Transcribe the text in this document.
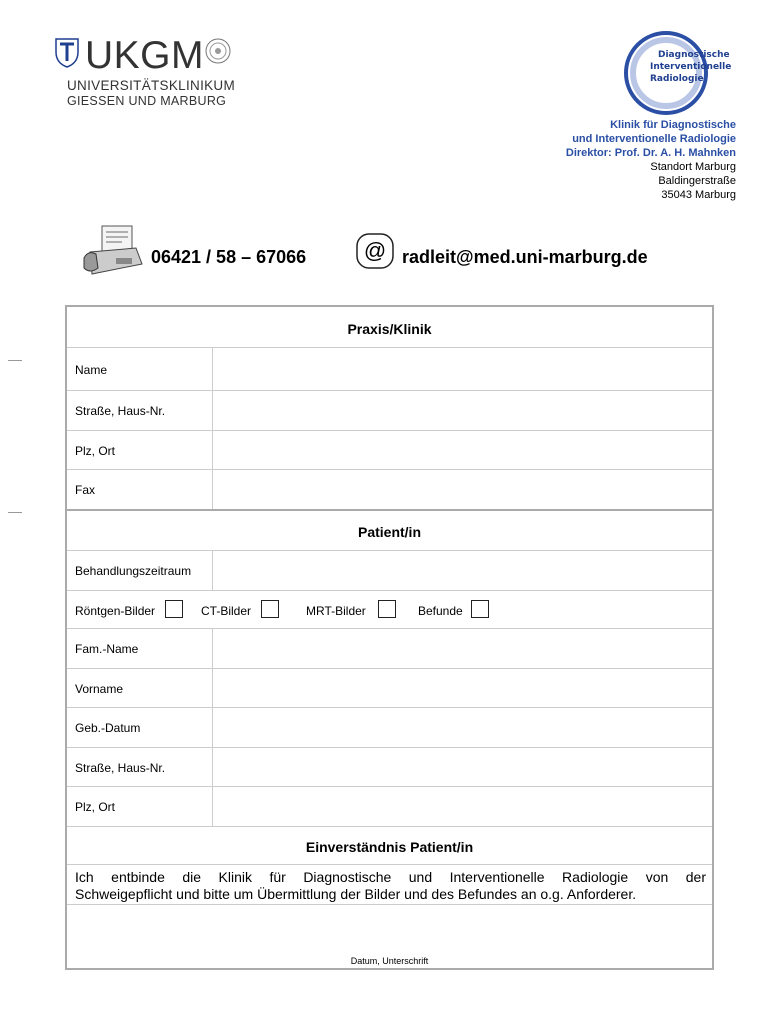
UKGM
UNIVERSITÄTSKLINIKUM
GIESSEN UND MARBURG
Diagnostische
Interventionelle
Radiologie
Klinik für Diagnostische
und Interventionelle Radiologie
Direktor: Prof. Dr. A. H. Mahnken
Standort Marburg
Baldingerstraße
35043 Marburg
06421 / 58 – 67066	@ radleit@med.uni-marburg.de
Praxis/Klinik
Name
Straße, Haus-Nr.
Plz, Ort
Fax
Patient/in
Behandlungszeitraum
Röntgen-Bilder	CT-Bilder	MRT-Bilder	Befunde
Fam.-Name
Vorname
Geb.-Datum
Straße, Haus-Nr.
Plz, Ort
Einverständnis Patient/in
Ich entbinde die Klinik für Diagnostische und Interventionelle Radiologie von der
Schweigepflicht und bitte um Übermittlung der Bilder und des Befundes an o.g. Anforderer.
Datum, Unterschrift
